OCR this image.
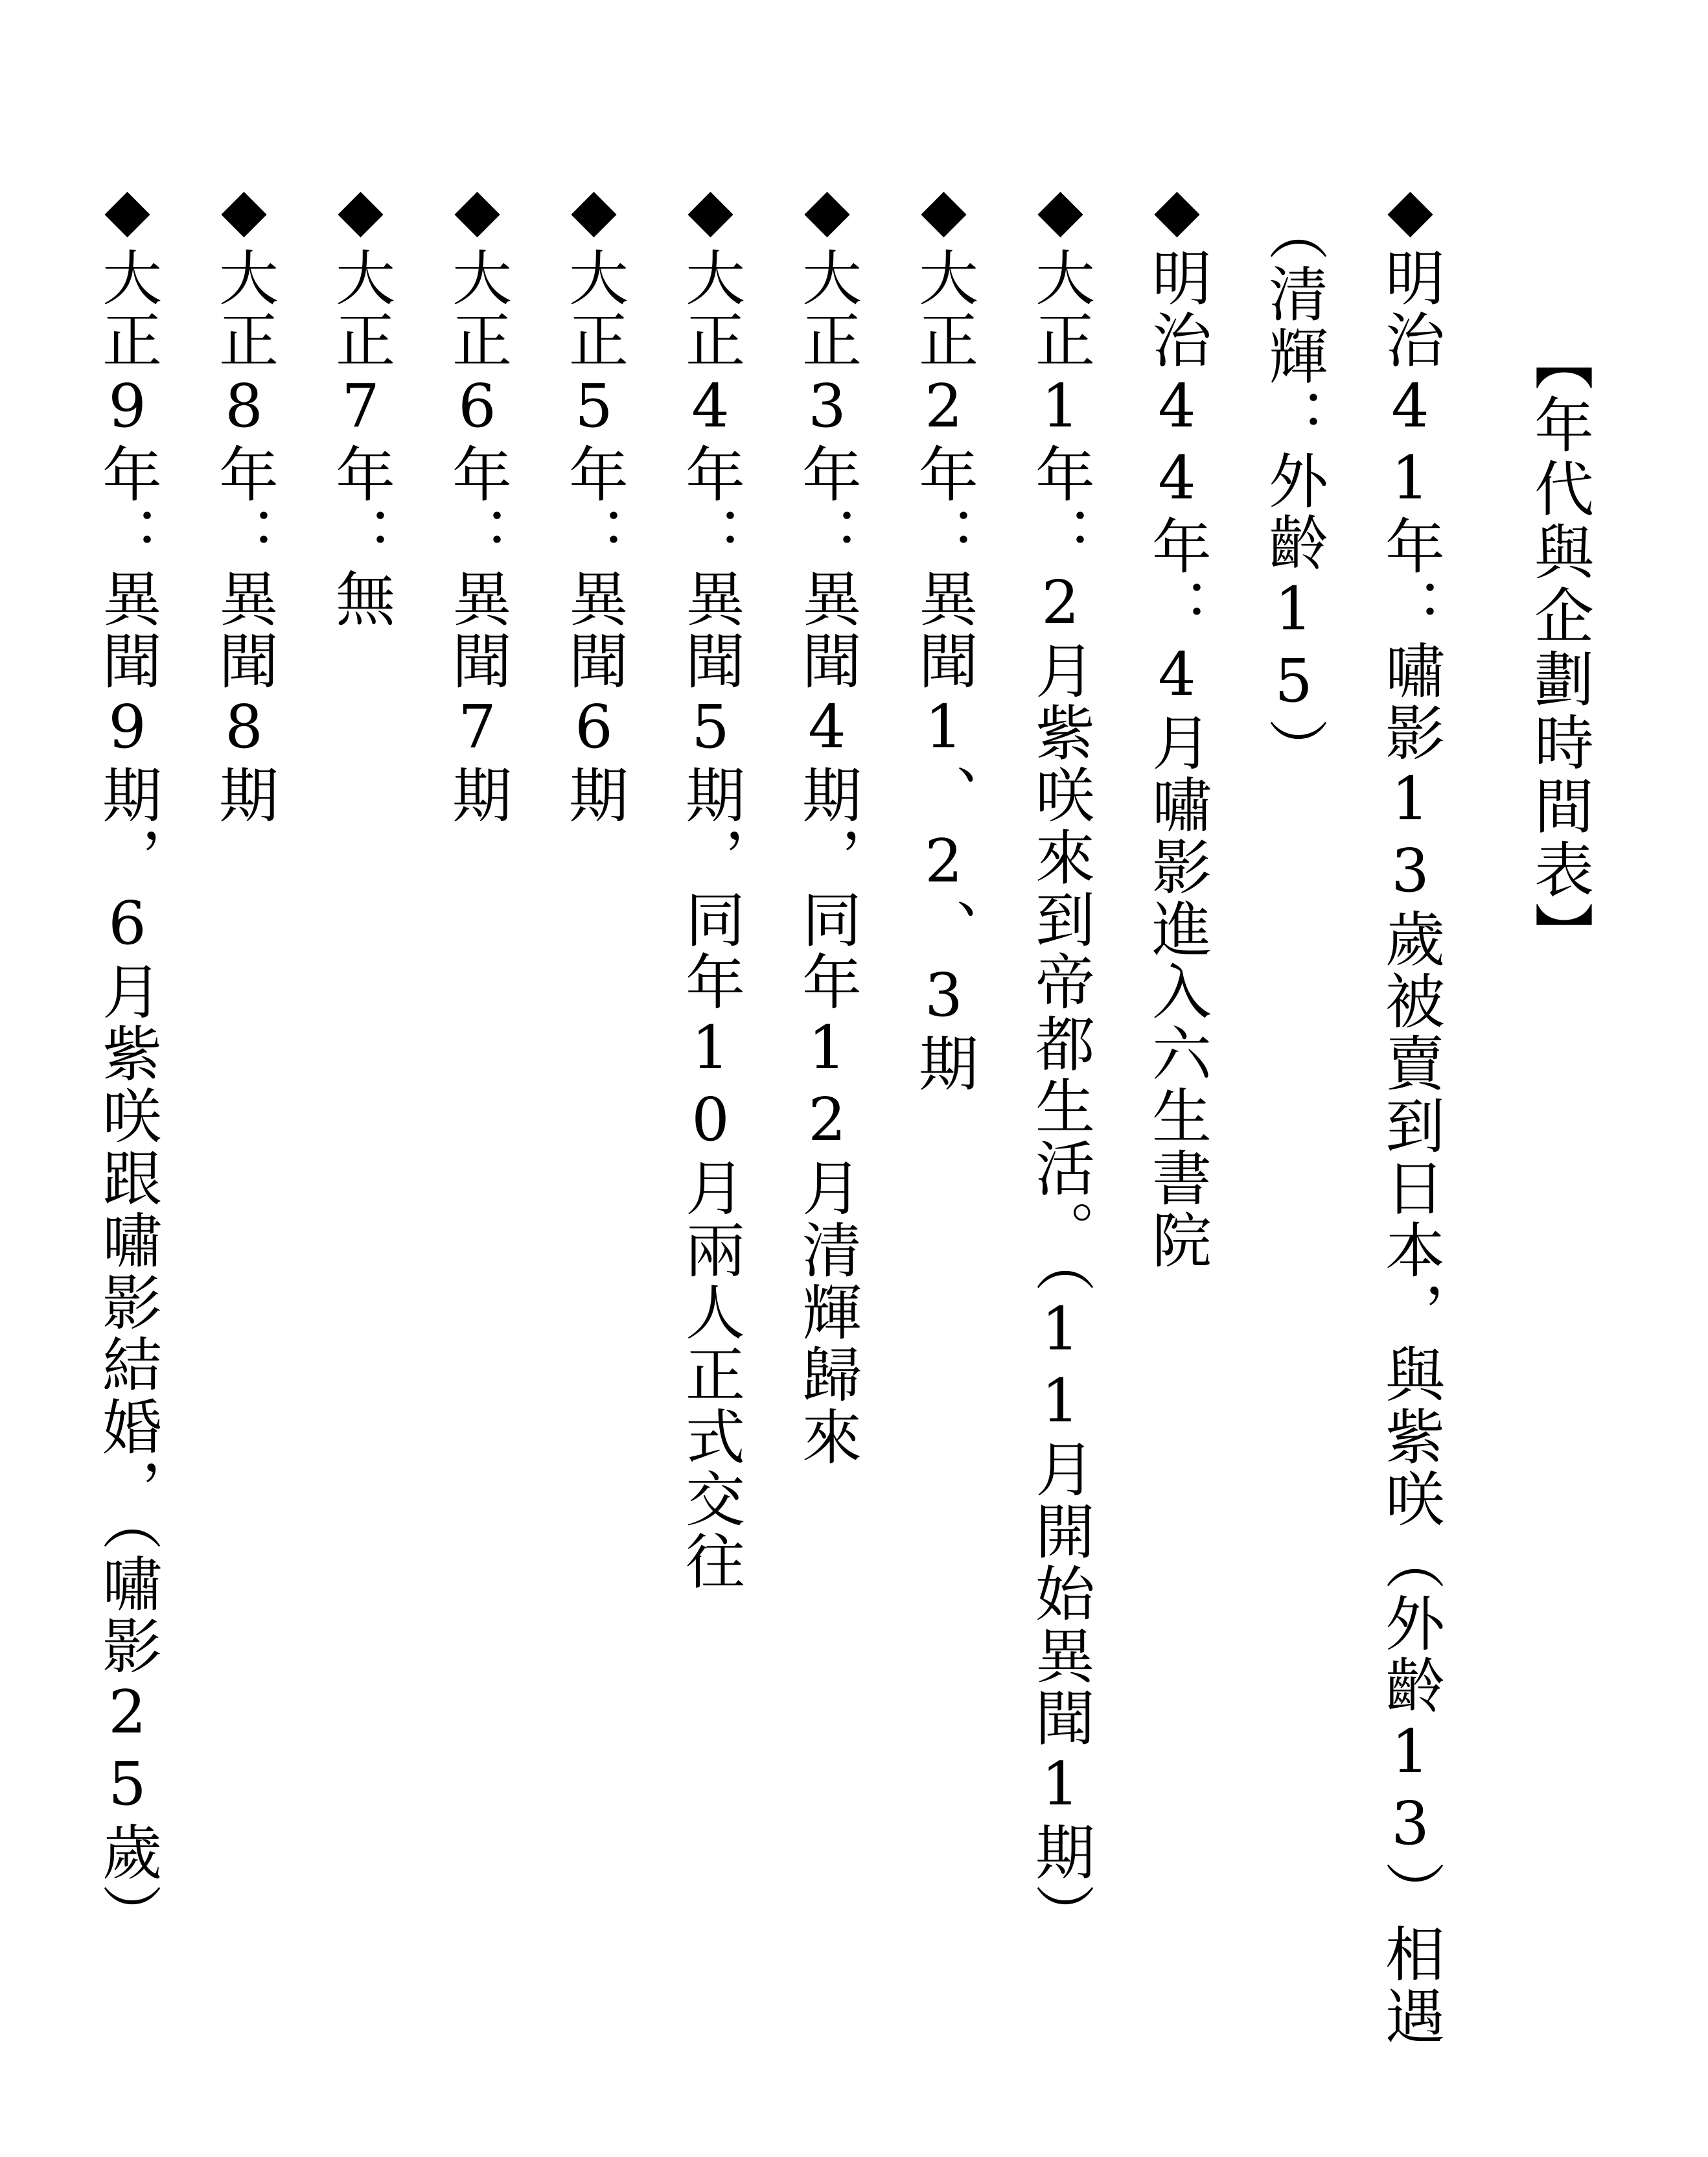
【年代與企劃時間表】

◆明治41年：嘯影13歲被賣到日本，與紫咲（外齡13）相遇

（清輝：外齡15）

◆明治44年：4月嘯影進入六生書院

◆大正1年：2月紫咲來到帝都生活。（11月開始異聞1期）

◆大正2年：異聞1、2、3期

◆大正3年：異聞4期，同年12月清輝歸來

◆大正4年：異聞5期，同年10月兩人正式交往

◆大正5年：異聞6期

◆大正6年：異聞7期

◆大正7年：無

◆大正8年：異聞8期

◆大正9年：異聞9期，6月紫咲跟嘯影結婚，（嘯影25歲）
